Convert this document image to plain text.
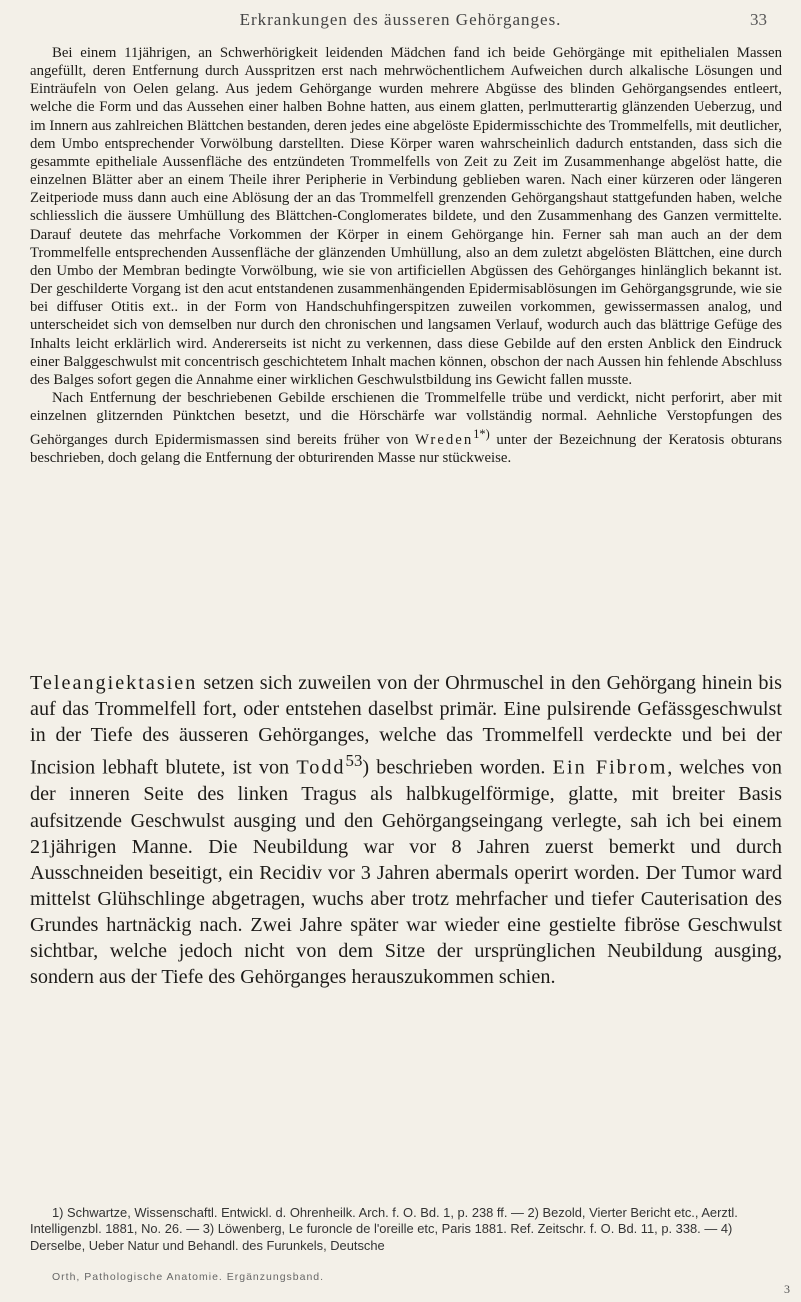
Erkrankungen des äusseren Gehörganges.	33

Bei einem 11jährigen, an Schwerhörigkeit leidenden Mädchen fand ich beide Gehörgänge mit epithelialen Massen angefüllt, deren Entfernung durch Ausspritzen erst nach mehrwöchentlichem Aufweichen durch alkalische Lösungen und Einträufeln von Oelen gelang. Aus jedem Gehörgange wurden mehrere Abgüsse des blinden Gehörgangsendes entleert, welche die Form und das Aussehen einer halben Bohne hatten, aus einem glatten, perlmutterartig glänzenden Ueberzug, und im Innern aus zahlreichen Blättchen bestanden, deren jedes eine abgelöste Epidermisschichte des Trommelfells, mit deutlicher, dem Umbo entsprechender Vorwölbung darstellten. Diese Körper waren wahrscheinlich dadurch entstanden, dass sich die gesammte epitheliale Aussenfläche des entzündeten Trommelfells von Zeit zu Zeit im Zusammenhange abgelöst hatte, die einzelnen Blätter aber an einem Theile ihrer Peripherie in Verbindung geblieben waren. Nach einer kürzeren oder längeren Zeitperiode muss dann auch eine Ablösung der an das Trommelfell grenzenden Gehörgangshaut stattgefunden haben, welche schliesslich die äussere Umhüllung des Blättchen-Conglomerates bildete, und den Zusammenhang des Ganzen vermittelte. Darauf deutete das mehrfache Vorkommen der Körper in einem Gehörgange hin. Ferner sah man auch an der dem Trommelfelle entsprechenden Aussenfläche der glänzenden Umhüllung, also an dem zuletzt abgelösten Blättchen, eine durch den Umbo der Membran bedingte Vorwölbung, wie sie von artificiellen Abgüssen des Gehörganges hinlänglich bekannt ist. Der geschilderte Vorgang ist den acut entstandenen zusammenhängenden Epidermisablösungen im Gehörgangsgrunde, wie sie bei diffuser Otitis ext.. in der Form von Handschuhfingerspitzen zuweilen vorkommen, gewissermassen analog, und unterscheidet sich von demselben nur durch den chronischen und langsamen Verlauf, wodurch auch das blättrige Gefüge des Inhalts leicht erklärlich wird. Andererseits ist nicht zu verkennen, dass diese Gebilde auf den ersten Anblick den Eindruck einer Balggeschwulst mit concentrisch geschichtetem Inhalt machen können, obschon der nach Aussen hin fehlende Abschluss des Balges sofort gegen die Annahme einer wirklichen Geschwulstbildung ins Gewicht fallen musste.

Nach Entfernung der beschriebenen Gebilde erschienen die Trommelfelle trübe und verdickt, nicht perforirt, aber mit einzelnen glitzernden Pünktchen besetzt, und die Hörschärfe war vollständig normal. Aehnliche Verstopfungen des Gehörganges durch Epidermismassen sind bereits früher von Wreden$^{1*)}$ unter der Bezeichnung der Keratosis obturans beschrieben, doch gelang die Entfernung der obturirenden Masse nur stückweise.

Teleangiektasien setzen sich zuweilen von der Ohrmuschel in den Gehörgang hinein bis auf das Trommelfell fort, oder entstehen daselbst primär. Eine pulsirende Gefässgeschwulst in der Tiefe des äusseren Gehörganges, welche das Trommelfell verdeckte und bei der Incision lebhaft blutete, ist von Todd$^{53}$) beschrieben worden. Ein Fibrom, welches von der inneren Seite des linken Tragus als halbkugelförmige, glatte, mit breiter Basis aufsitzende Geschwulst ausging und den Gehörgangseingang verlegte, sah ich bei einem 21jährigen Manne. Die Neubildung war vor 8 Jahren zuerst bemerkt und durch Ausschneiden beseitigt, ein Recidiv vor 3 Jahren abermals operirt worden. Der Tumor ward mittelst Glühschlinge abgetragen, wuchs aber trotz mehrfacher und tiefer Cauterisation des Grundes hartnäckig nach. Zwei Jahre später war wieder eine gestielte fibröse Geschwulst sichtbar, welche jedoch nicht von dem Sitze der ursprünglichen Neubildung ausging, sondern aus der Tiefe des Gehörganges herauszukommen schien.

1) Schwartze, Wissenschaftl. Entwickl. d. Ohrenheilk. Arch. f. O. Bd. 1, p. 238 ff. — 2) Bezold, Vierter Bericht etc., Aerztl. Intelligenzbl. 1881, No. 26. — 3) Löwenberg, Le furoncle de l'oreille etc, Paris 1881. Ref. Zeitschr. f. O. Bd. 11, p. 338. — 4) Derselbe, Ueber Natur und Behandl. des Furunkels, Deutsche

Orth, Pathologische Anatomie. Ergänzungsband.
3
